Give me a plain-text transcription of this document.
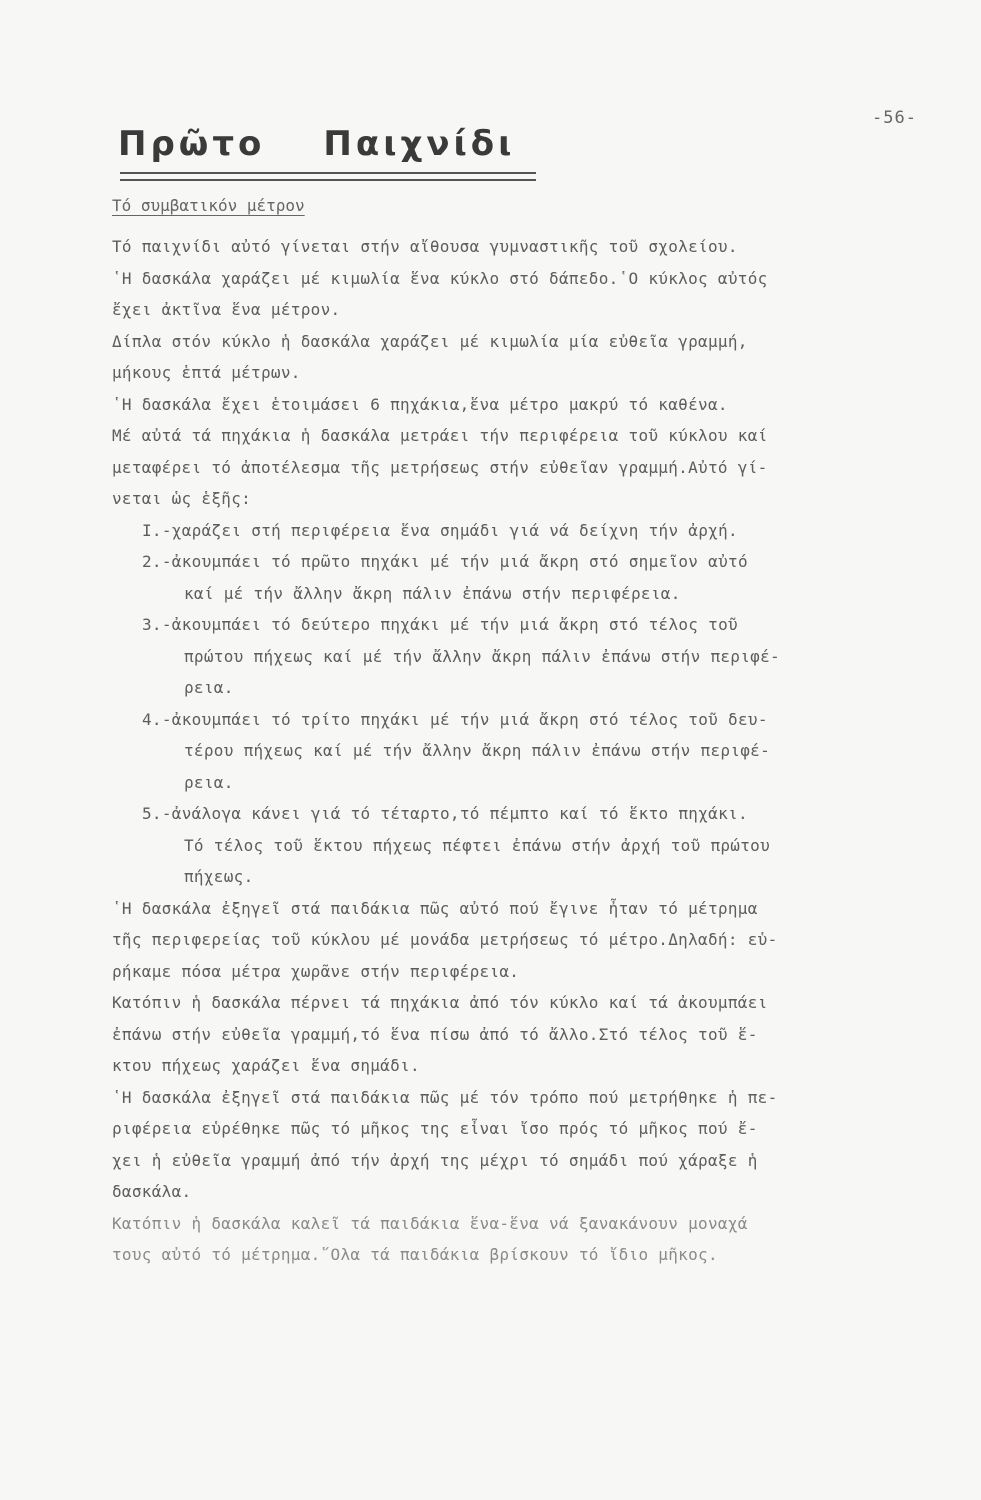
-56-
Πρῶτο Παιχνίδι
Τό συμβατικόν μέτρον
Τό παιχνίδι αὐτό γίνεται στήν αἴθουσα γυμναστικῆς τοῦ σχολείου.
῾Η δασκάλα χαράζει μέ κιμωλία ἕνα κύκλο στό δάπεδο.῾Ο κύκλος αὐτός
ἔχει ἀκτῖνα ἕνα μέτρον.
Δίπλα στόν κύκλο ἡ δασκάλα χαράζει μέ κιμωλία μία εὐθεῖα γραμμή,
μήκους ἑπτά μέτρων.
῾Η δασκάλα ἔχει ἑτοιμάσει 6 πηχάκια,ἕνα μέτρο μακρύ τό καθένα.
Μέ αὐτά τά πηχάκια ἡ δασκάλα μετράει τήν περιφέρεια τοῦ κύκλου καί
μεταφέρει τό ἀποτέλεσμα τῆς μετρήσεως στήν εὐθεῖαν γραμμή.Αὐτό γί-
νεται ὡς ἑξῆς:
Ι.-χαράζει στή περιφέρεια ἕνα σημάδι γιά νά δείχνη τήν ἀρχή.
2.-ἀκουμπάει τό πρῶτο πηχάκι μέ τήν μιά ἄκρη στό σημεῖον αὐτό
καί μέ τήν ἄλλην ἄκρη πάλιν ἐπάνω στήν περιφέρεια.
3.-ἀκουμπάει τό δεύτερο πηχάκι μέ τήν μιά ἄκρη στό τέλος τοῦ
πρώτου πήχεως καί μέ τήν ἄλλην ἄκρη πάλιν ἐπάνω στήν περιφέ-
ρεια.
4.-ἀκουμπάει τό τρίτο πηχάκι μέ τήν μιά ἄκρη στό τέλος τοῦ δευ-
τέρου πήχεως καί μέ τήν ἄλλην ἄκρη πάλιν ἐπάνω στήν περιφέ-
ρεια.
5.-ἀνάλογα κάνει γιά τό τέταρτο,τό πέμπτο καί τό ἕκτο πηχάκι.
Τό τέλος τοῦ ἕκτου πήχεως πέφτει ἐπάνω στήν ἀρχή τοῦ πρώτου
πήχεως.
῾Η δασκάλα ἐξηγεῖ στά παιδάκια πῶς αὐτό πού ἔγινε ἦταν τό μέτρημα
τῆς περιφερείας τοῦ κύκλου μέ μονάδα μετρήσεως τό μέτρο.Δηλαδή: εὑ-
ρήκαμε πόσα μέτρα χωρᾶνε στήν περιφέρεια.
Κατόπιν ἡ δασκάλα πέρνει τά πηχάκια ἀπό τόν κύκλο καί τά ἀκουμπάει
ἐπάνω στήν εὐθεῖα γραμμή,τό ἕνα πίσω ἀπό τό ἄλλο.Στό τέλος τοῦ ἕ-
κτου πήχεως χαράζει ἕνα σημάδι.
῾Η δασκάλα ἐξηγεῖ στά παιδάκια πῶς μέ τόν τρόπο πού μετρήθηκε ἡ πε-
ριφέρεια εὑρέθηκε πῶς τό μῆκος της εἶναι ἴσο πρός τό μῆκος πού ἔ-
χει ἡ εὐθεῖα γραμμή ἀπό τήν ἀρχή της μέχρι τό σημάδι πού χάραξε ἡ
δασκάλα.
Κατόπιν ἡ δασκάλα καλεῖ τά παιδάκια ἕνα-ἕνα νά ξανακάνουν μοναχά
τους αὐτό τό μέτρημα.῞Ολα τά παιδάκια βρίσκουν τό ἴδιο μῆκος.
